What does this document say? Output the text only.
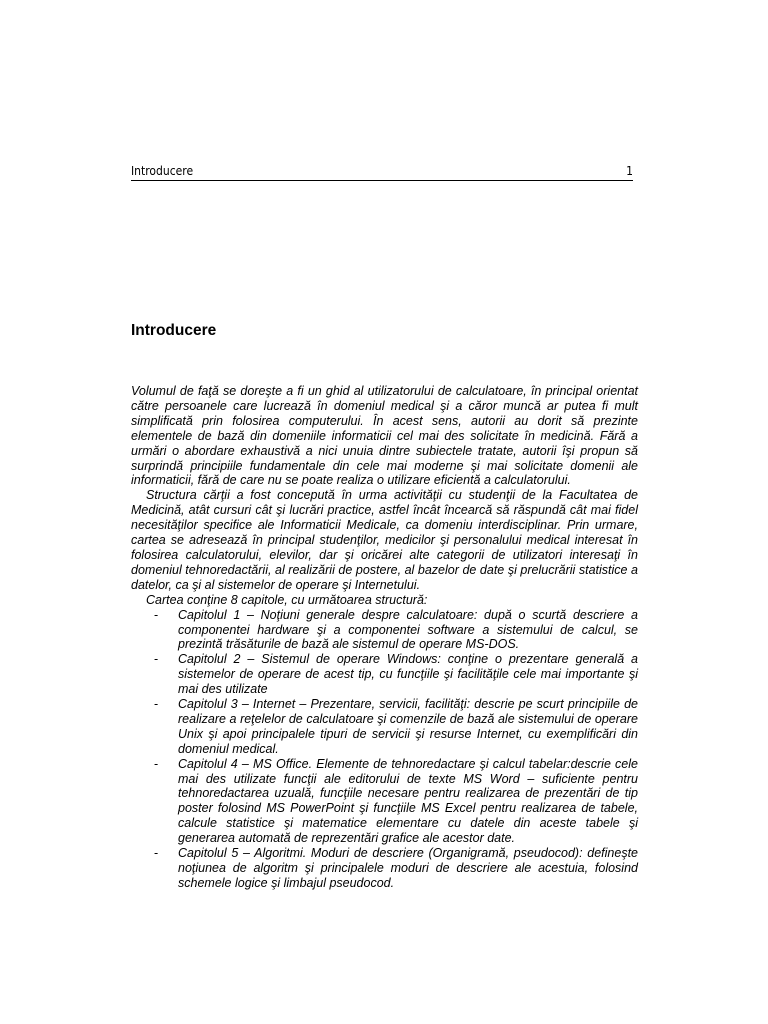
Introducere	1
Introducere

Volumul de faţă se doreşte a fi un ghid al utilizatorului de calculatoare, în principal orientat către persoanele care lucrează în domeniul medical şi a căror muncă ar putea fi mult simplificată prin folosirea computerului. În acest sens, autorii au dorit să prezinte elementele de bază din domeniile informaticii cel mai des solicitate în medicină. Fără a urmări o abordare exhaustivă a nici unuia dintre subiectele tratate, autorii îşi propun să surprindă principiile fundamentale din cele mai moderne şi mai solicitate domenii ale informaticii, fără de care nu se poate realiza o utilizare eficientă a calculatorului.

Structura cărţii a fost concepută în urma activităţii cu studenţii de la Facultatea de Medicină, atât cursuri cât şi lucrări practice, astfel încât încearcă să răspundă cât mai fidel necesităţilor specifice ale Informaticii Medicale, ca domeniu interdisciplinar. Prin urmare, cartea se adresează în principal studenţilor, medicilor şi personalului medical interesat în folosirea calculatorului, elevilor, dar şi oricărei alte categorii de utilizatori interesaţi în domeniul tehnoredactării, al realizării de postere, al bazelor de date şi prelucrării statistice a datelor, ca şi al sistemelor de operare şi Internetului.

Cartea conţine 8 capitole, cu următoarea structură:

- Capitolul 1 – Noţiuni generale despre calculatoare: după o scurtă descriere a componentei hardware şi a componentei software a sistemului de calcul, se prezintă trăsăturile de bază ale sistemul de operare MS-DOS.
- Capitolul 2 – Sistemul de operare Windows: conţine o prezentare generală a sistemelor de operare de acest tip, cu funcţiile şi facilităţile cele mai importante şi mai des utilizate
- Capitolul 3 – Internet – Prezentare, servicii, facilităţi: descrie pe scurt principiile de realizare a reţelelor de calculatoare şi comenzile de bază ale sistemului de operare Unix şi apoi principalele tipuri de servicii şi resurse Internet, cu exemplificări din domeniul medical.
- Capitolul 4 – MS Office. Elemente de tehnoredactare şi calcul tabelar:descrie cele mai des utilizate funcţii ale editorului de texte MS Word – suficiente pentru tehnoredactarea uzuală, funcţiile necesare pentru realizarea de prezentări de tip poster folosind MS PowerPoint şi funcţiile MS Excel pentru realizarea de tabele, calcule statistice şi matematice elementare cu datele din aceste tabele şi generarea automată de reprezentări grafice ale acestor date.
- Capitolul 5 – Algoritmi. Moduri de descriere (Organigramă, pseudocod): defineşte noţiunea de algoritm şi principalele moduri de descriere ale acestuia, folosind schemele logice şi limbajul pseudocod.
